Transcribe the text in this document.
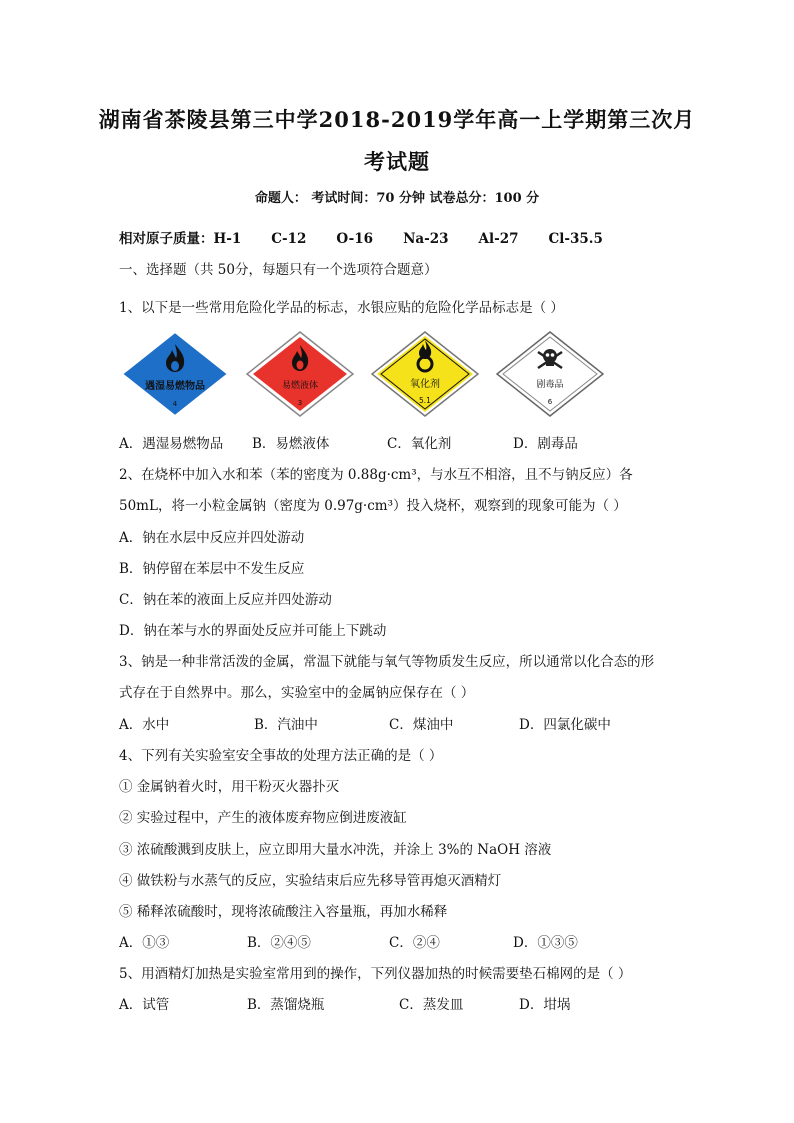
湖南省茶陵县第三中学2018-2019学年高一上学期第三次月
考试题
命题人： 考试时间：70 分钟 试卷总分：100 分
相对原子质量：H-1 C-12 O-16 Na-23 Al-27 Cl-35.5
一、选择题（共 50分，每题只有一个选项符合题意）
1、以下是一些常用危险化学品的标志，水银应贴的危险化学品标志是（ ）
遇湿易燃物品
4
易燃液体
3
氧化剂
5.1
剧毒品
6
A．遇湿易燃物品 B．易燃液体	C．氧化剂	D．剧毒品
2、在烧杯中加入水和苯（苯的密度为 0.88g·cm³，与水互不相溶，且不与钠反应）各
50mL，将一小粒金属钠（密度为 0.97g·cm³）投入烧杯，观察到的现象可能为（ ）
A．钠在水层中反应并四处游动
B．钠停留在苯层中不发生反应
C．钠在苯的液面上反应并四处游动
D．钠在苯与水的界面处反应并可能上下跳动
3、钠是一种非常活泼的金属，常温下就能与氧气等物质发生反应，所以通常以化合态的形
式存在于自然界中。那么，实验室中的金属钠应保存在（ ）
A．水中	B．汽油中	C．煤油中	D．四氯化碳中
4、下列有关实验室安全事故的处理方法正确的是（ ）
① 金属钠着火时，用干粉灭火器扑灭
② 实验过程中，产生的液体废弃物应倒进废液缸
③ 浓硫酸溅到皮肤上，应立即用大量水冲洗，并涂上 3%的 NaOH 溶液
④ 做铁粉与水蒸气的反应，实验结束后应先移导管再熄灭酒精灯
⑤ 稀释浓硫酸时，现将浓硫酸注入容量瓶，再加水稀释
A．①③	B．②④⑤	C．②④	D．①③⑤
5、用酒精灯加热是实验室常用到的操作，下列仪器加热的时候需要垫石棉网的是（ ）
A．试管	B．蒸馏烧瓶	C．蒸发皿	D．坩埚
